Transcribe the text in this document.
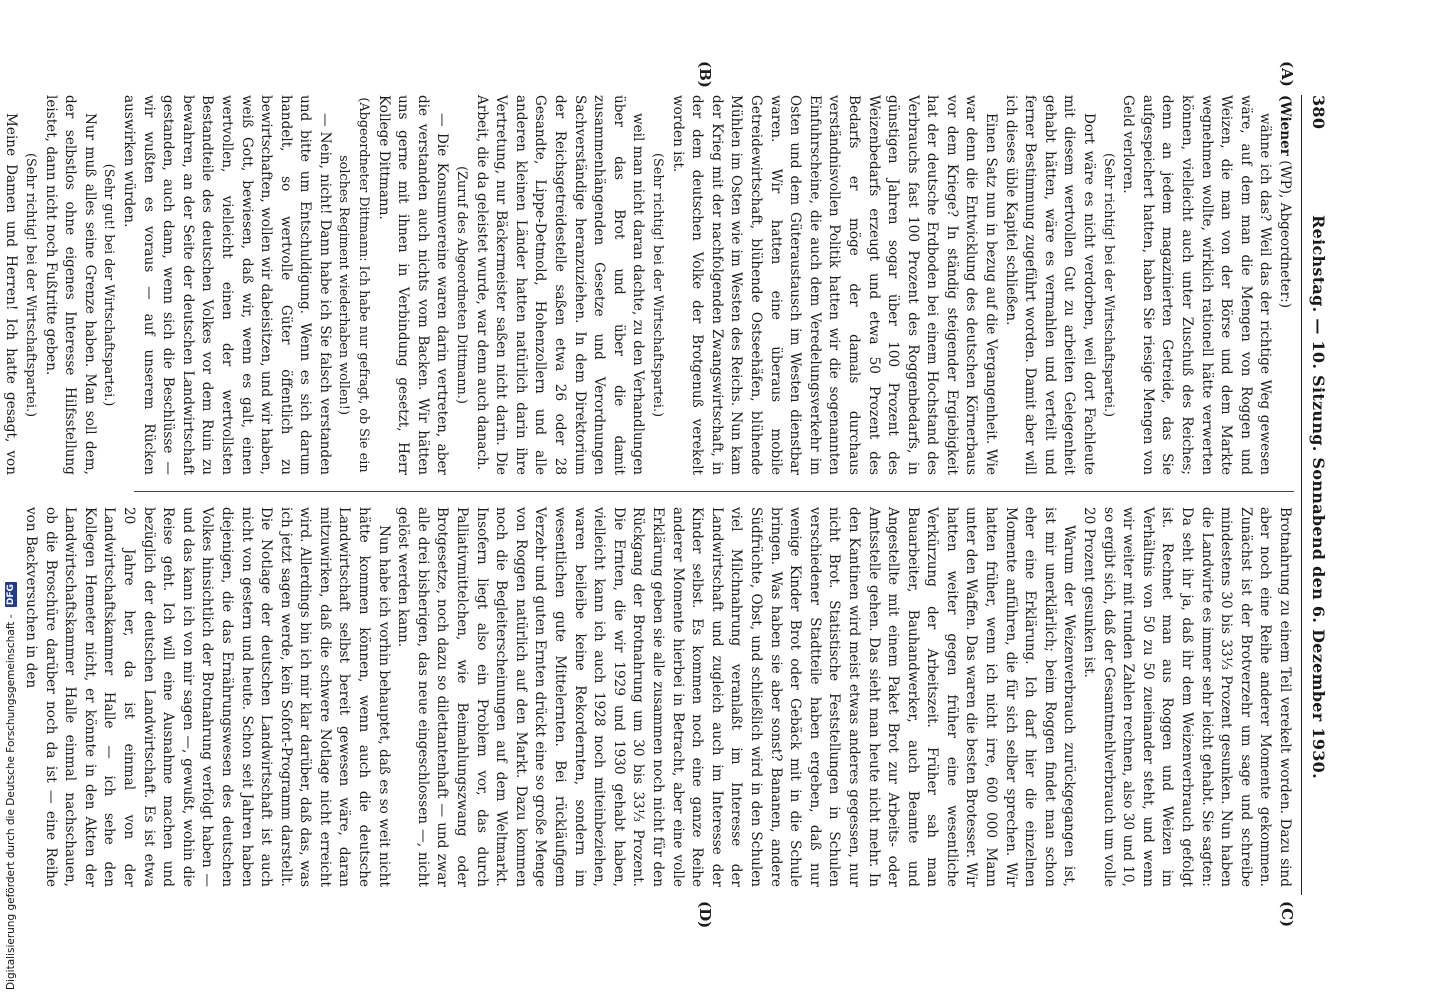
380
Reichstag. — 10. Sitzung. Sonnabend den 6. Dezember 1930.

(Wiener (WP), Abgeordneter:)

wähne ich das? Weil das der richtige Weg gewesen wäre, auf dem man die Mengen von Roggen und Weizen, die man von der Börse und dem Markte wegnehmen wollte, wirklich rationell hätte verwerten können, vielleicht auch unter Zuschuß des Reiches; denn an jedem magazinierten Getreide, das Sie aufgespeichert hatten, haben Sie riesige Mengen von Geld verloren.

(Sehr richtig! bei der Wirtschaftspartei.)

Dort wäre es nicht verdorben, weil dort Fachleute mit diesem wertvollen Gut zu arbeiten Gelegenheit gehabt hätten, wäre es vermahlen und verteilt und ferner Bestimmung zugeführt worden. Damit aber will ich dieses üble Kapitel schließen.

Einen Satz nun in bezug auf die Vergangenheit. Wie war denn die Entwicklung des deutschen Körnerbaus vor dem Kriege? In ständig steigender Ergiebigkeit hat der deutsche Erdboden bei einem Hochstand des Verbrauchs fast 100 Prozent des Roggenbedarfs, in günstigen Jahren sogar über 100 Prozent des Weizenbedarfs erzeugt und etwa 50 Prozent des Bedarfs er möge der damals durchaus verständnisvollen Politik hatten wir die sogenannten Einfuhrscheine, die auch dem Veredelungsverkehr im Osten und dem Güteraustausch im Westen dienstbar waren. Wir hatten eine überaus mobile Getreidewirtschaft, blühende Ostseehäfen, blühende Mühlen im Osten wie im Westen des Reichs. Nun kam der Krieg mit der nachfolgenden Zwangswirtschaft, in der dem deutschen Volke der Brotgenuß verekelt worden ist.

(Sehr richtig! bei der Wirtschaftspartei.)

weil man nicht daran dachte, zu den Verhandlungen über das Brot und über die damit zusammenhängenden Gesetze und Verordnungen Sachverständige heranzuziehen. In dem Direktorium der Reichsgetreidestelle saßen etwa 26 oder 28 Gesandte, Lippe-Detmold, Hohenzollern und alle anderen kleinen Länder hatten natürlich darin ihre Vertretung, nur Bäckermeister saßen nicht darin. Die Arbeit, die da geleistet wurde, war denn auch danach.

(Zuruf des Abgeordneten Dittmann.)

— Die Konsumvereine waren darin vertreten, aber die verstanden auch nichts vom Backen. Wir hätten uns gerne mit ihnen in Verbindung gesetzt, Herr Kollege Dittmann.

(Abgeordneter Dittmann: Ich habe nur gefragt, ob Sie ein solches Regiment wiederhaben wollen!)

— Nein, nicht! Dann habe ich Sie falsch verstanden und bitte um Entschuldigung. Wenn es sich darum handelt, so wertvolle Güter öffentlich zu bewirtschaften, wollen wir dabeisitzen, und wir haben, weiß Gott, bewiesen, daß wir, wenn es galt, einen wertvollen, vielleicht einen der wertvollsten Bestandteile des deutschen Volkes vor dem Ruin zu bewahren, an der Seite der deutschen Landwirtschaft gestanden, auch dann, wenn sich die Beschlüsse — wir wußten es voraus — auf unserem Rücken auswirken würden.

(Sehr gut! bei der Wirtschaftspartei.)

Nur muß alles seine Grenze haben. Man soll dem, der selbstlos ohne eigenes Interesse Hilfsstellung leistet, dann nicht noch Fußtritte geben.

(Sehr richtig! bei der Wirtschaftspartei.)

Meine Damen und Herren! Ich hatte gesagt, von

Brotnahrung zu einem Teil verekelt worden. Dazu sind aber noch eine Reihe anderer Momente gekommen. Zunächst ist der Brotverzehr um sage und schreibe mindestens 30 bis 33⅓ Prozent gesunken. Nun haben die Landwirte es immer sehr leicht gehabt. Sie sagten: Da seht ihr ja, daß ihr dem Weizenverbrauch gefolgt ist. Rechnet man aus Roggen und Weizen im Verhältnis von 50 zu 50 zueinander steht, und wenn wir weiter mit runden Zahlen rechnen, also 30 und 10, so ergibt sich, daß der Gesamtmehlverbrauch um volle 20 Prozent gesunken ist.

Warum der Weizenverbrauch zurückgegangen ist, ist mir unerklärlich; beim Roggen findet man schon eher eine Erklärung. Ich darf hier die einzelnen Momente anführen, die für sich selber sprechen. Wir hatten früher, wenn ich nicht irre, 600 000 Mann unter den Waffen. Das waren die besten Brotesser. Wir hatten weiter gegen früher eine wesentliche Verkürzung der Arbeitszeit. Früher sah man Bauarbeiter, Bauhandwerker, auch Beamte und Angestellte mit einem Paket Brot zur Arbeits- oder Amtsstelle gehen. Das sieht man heute nicht mehr. In den Kantinen wird meist etwas anderes gegessen, nur nicht Brot. Statistische Feststellungen in Schulen verschiedener Stadtteile haben ergeben, daß nur wenige Kinder Brot oder Gebäck mit in die Schule bringen. Was haben sie aber sonst? Bananen, andere Südfrüchte, Obst, und schließlich wird in den Schulen viel Milchnahrung veranlaßt im Interesse der Landwirtschaft und zugleich auch im Interesse der Kinder selbst. Es kommen noch eine ganze Reihe anderer Momente hierbei in Betracht, aber eine volle Erklärung geben sie alle zusammen noch nicht für den Rückgang der Brotnahrung um 30 bis 33⅓ Prozent. Die Ernten, die wir 1929 und 1930 gehabt haben, vielleicht kann ich auch 1928 noch miteinbeziehen, waren beileibe keine Rekordernten, sondern im wesentlichen gute Mittelernten. Bei rückläufigem Verzehr und guten Ernten drückt eine so große Menge von Roggen natürlich auf den Markt. Dazu kommen noch die Begleiterscheinungen auf dem Weltmarkt. Insofern liegt also ein Problem vor, das durch Palliativmittelchen, wie Beimahlungszwang oder Brotgesetze, noch dazu so dilettantenhaft — und zwar alle drei bisherigen, das neue eingeschlossen —, nicht gelöst werden kann.

Nun habe ich vorhin behauptet, daß es so weit nicht hätte kommen können, wenn auch die deutsche Landwirtschaft selbst bereit gewesen wäre, daran mitzuwirken, daß die schwere Notlage nicht erreicht wird. Allerdings bin ich mir klar darüber, daß das, was ich jetzt sagen werde, kein Sofort-Programm darstellt. Die Notlage der deutschen Landwirtschaft ist auch nicht von gestern und heute. Schon seit Jahren haben diejenigen, die das Ernährungswesen des deutschen Volkes hinsichtlich der Brotnahrung verfolgt haben — und das kann ich von mir sagen —, gewußt, wohin die Reise geht. Ich will eine Ausnahme machen und bezüglich der deutschen Landwirtschaft. Es ist etwa 20 Jahre her, da ist einmal von der Landwirtschaftskammer Halle — ich sehe den Kollegen Hemeter nicht, er könnte in den Akten der Landwirtschaftskammer Halle einmal nachschauen, ob die Broschüre darüber noch da ist — eine Reihe von Backversuchen in den

(A)
(B)
(C)
(D)
Digitalisierung gefördert durch die Deutsche Forschungsgemeinschaft - DFG
